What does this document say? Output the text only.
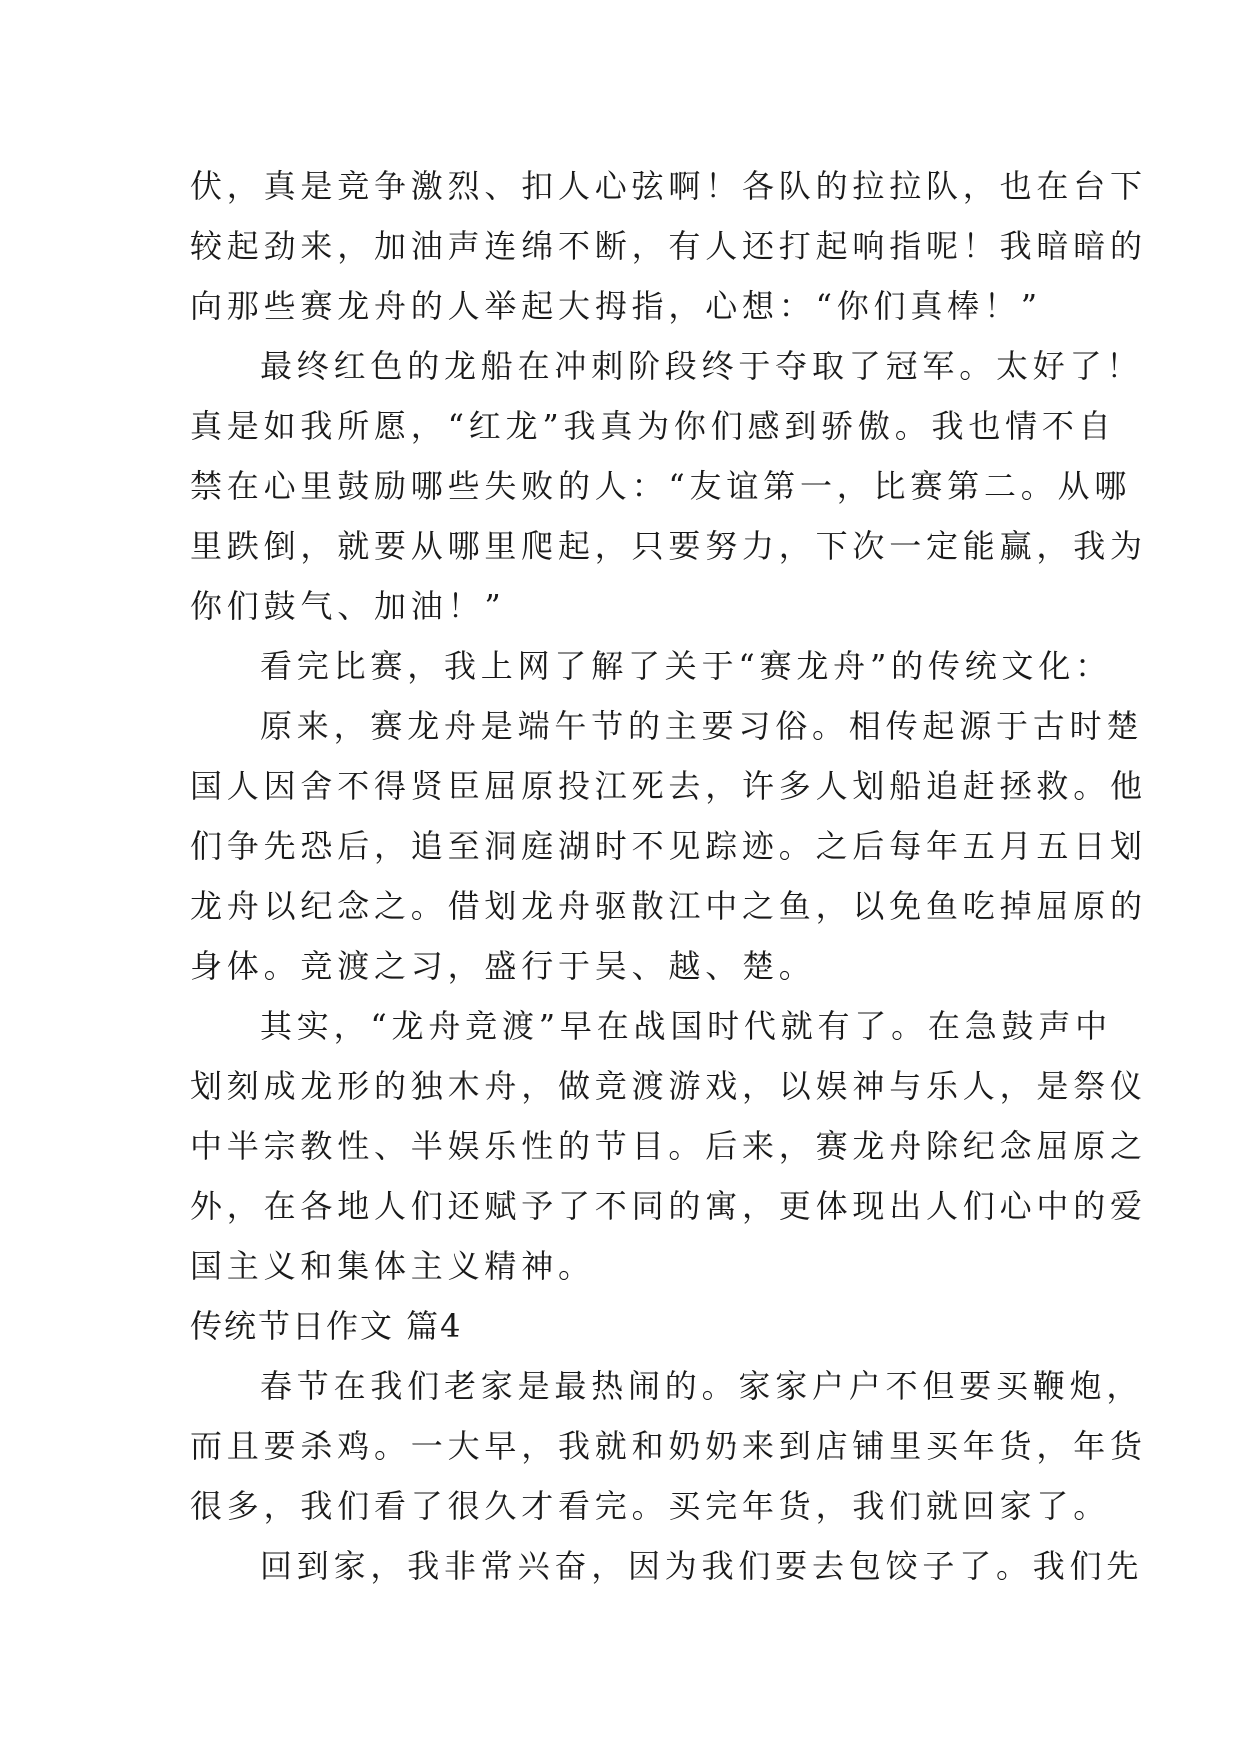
伏，真是竞争激烈、扣人心弦啊！各队的拉拉队，也在台下
较起劲来，加油声连绵不断，有人还打起响指呢！我暗暗的
向那些赛龙舟的人举起大拇指，心想：“你们真棒！”
最终红色的龙船在冲刺阶段终于夺取了冠军。太好了！
真是如我所愿，“红龙”我真为你们感到骄傲。我也情不自
禁在心里鼓励哪些失败的人：“友谊第一，比赛第二。从哪
里跌倒，就要从哪里爬起，只要努力，下次一定能赢，我为
你们鼓气、加油！”
看完比赛，我上网了解了关于“赛龙舟”的传统文化：
原来，赛龙舟是端午节的主要习俗。相传起源于古时楚
国人因舍不得贤臣屈原投江死去，许多人划船追赶拯救。他
们争先恐后，追至洞庭湖时不见踪迹。之后每年五月五日划
龙舟以纪念之。借划龙舟驱散江中之鱼，以免鱼吃掉屈原的
身体。竞渡之习，盛行于吴、越、楚。
其实，“龙舟竞渡”早在战国时代就有了。在急鼓声中
划刻成龙形的独木舟，做竞渡游戏，以娱神与乐人，是祭仪
中半宗教性、半娱乐性的节目。后来，赛龙舟除纪念屈原之
外，在各地人们还赋予了不同的寓，更体现出人们心中的爱
国主义和集体主义精神。
传统节日作文 篇4
春节在我们老家是最热闹的。家家户户不但要买鞭炮，
而且要杀鸡。一大早，我就和奶奶来到店铺里买年货，年货
很多，我们看了很久才看完。买完年货，我们就回家了。
回到家，我非常兴奋，因为我们要去包饺子了。我们先
